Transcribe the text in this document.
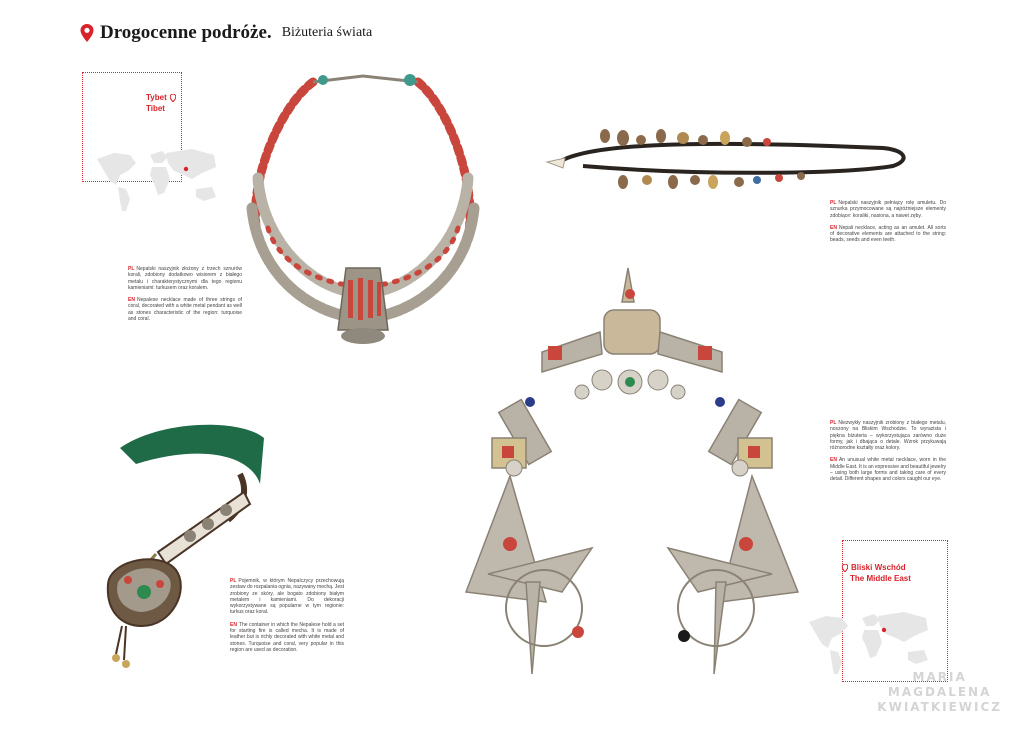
Drogocenne podróże. Biżuteria świata
Tybet
Tibet

PL Nepalski naszyjnik złożony z trzech sznurów korali, zdobiony dodatkowo wisiorem z białego metalu i charakterystycznymi dla tego regionu kamieniami: turkusem oraz koralem.

EN Nepalese necklace made of three strings of coral, decorated with a white metal pendant as well as stones characteristic of the region: turquoise and coral.

PL Nepalski naszyjnik pełniący rolę amuletu. Do sznurka przymocowane są najróżniejsze elementy zdobiące: koraliki, nasiona, a nawet zęby.

EN Nepali necklace, acting as an amulet. All sorts of decorative elements are attached to the string: beads, seeds and even teeth.

PL Niezwykły naszyjnik zrobiony z białego metalu, noszony na Bliskim Wschodzie. To wyrazista i piękna biżuteria – wykorzystująca zarówno duże formy, jak i dbająca o detale. Wzrok przykuwają różnorodne kształty oraz kolory.

EN An unusual white metal necklace, worn in the Middle East. It is an expressive and beautiful jewelry – using both large forms and taking care of every detail. Different shapes and colors caught our eye.

Bliski Wschód
The Middle East

PL Pojemnik, w którym Nepalczycy przechowują zestaw do rozpalania ognia, nazywany mechą. Jest zrobiony ze skóry, ale bogato zdobiony białym metalem i kamieniami. Do dekoracji wykorzystywane są popularne w tym regionie: turkus oraz koral.

EN The container in which the Nepalese hold a set for starting fire is called mecha. It is made of leather but is richly decorated with white metal and stones. Turquoise and coral, very popular in this region are used as decoration.

MARIA
MAGDALENA
KWIATKIEWICZ
